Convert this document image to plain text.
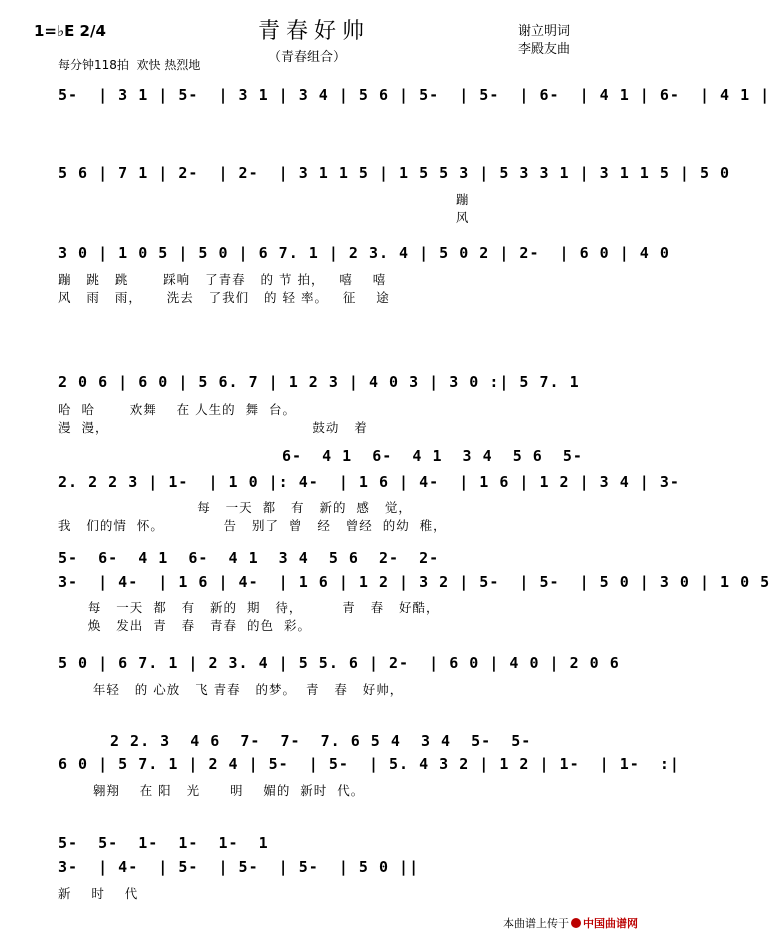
青春好帅
（青春组合）
1=♭E 2/4
每分钟118拍  欢快 热烈地
谢立明词
李殿友曲
5-  | 3 1 | 5-  | 3 1 | 3 4 | 5 6 | 5-  | 5-  | 6-  | 4 1 | 6-  | 4 1 |
5 6 | 7 1 | 2-  | 2-  | 3 1 1 5 | 1 5 5 3 | 5 3 3 1 | 3 1 1 5 | 5 0
蹦
风
3 0 | 1 0 5 | 5 0 | 6 7. 1 | 2 3. 4 | 5 0 2 | 2-  | 6 0 | 4 0
蹦   跳   跳       踩响   了青春   的 节 拍，   嘻    嘻
风   雨   雨，     洗去   了我们   的 轻 率。   征    途
2 0 6 | 6 0 | 5 6. 7 | 1 2 3 | 4 0 3 | 3 0 :| 5 7. 1
哈  哈       欢舞    在 人生的  舞  台。
漫  漫，                                         鼓动   着
6-  4 1  6-  4 1  3 4  5 6  5-
2. 2 2 3 | 1-  | 1 0 |: 4-  | 1 6 | 4-  | 1 6 | 1 2 | 3 4 | 3-
每   一天  都   有   新的  感   觉，
我   们的情  怀。            告   别了  曾   经   曾经  的幼  稚，
5-  6-  4 1  6-  4 1  3 4  5 6  2-  2-
3-  | 4-  | 1 6 | 4-  | 1 6 | 1 2 | 3 2 | 5-  | 5-  | 5 0 | 3 0 | 1 0 5
每   一天  都   有   新的  期   待，        青   春   好酷，
焕   发出  青   春   青春  的色  彩。
5 0 | 6 7. 1 | 2 3. 4 | 5 5. 6 | 2-  | 6 0 | 4 0 | 2 0 6
年轻   的 心放   飞 青春   的梦。  青   春   好帅，
2 2. 3  4 6  7-  7-  7. 6 5 4  3 4  5-  5-
6 0 | 5 7. 1 | 2 4 | 5-  | 5-  | 5. 4 3 2 | 1 2 | 1-  | 1-  :|
翱翔    在 阳   光      明    媚的  新时  代。
5-  5-  1-  1-  1-  1
3-  | 4-  | 5-  | 5-  | 5-  | 5 0 ||
新    时    代

本曲谱上传于 中国曲谱网
